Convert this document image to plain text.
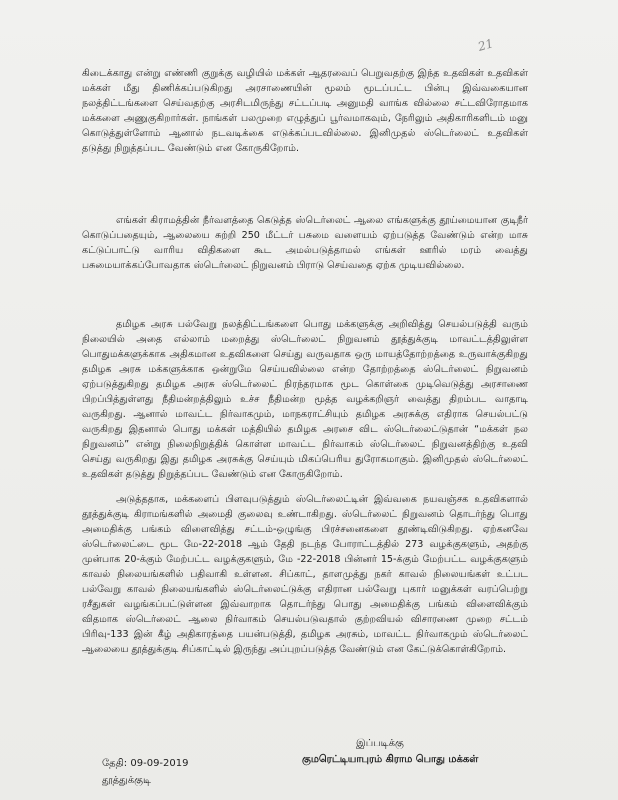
21

கிடைக்காது என்று எண்ணி குறுக்கு வழியில் மக்கள் ஆதரவைப் பெறுவதற்கு இந்த உதவிகள் உதவிகள் மக்கள் மீது திணிக்கப்படுகிறது அரசாணையின் மூலம் மூடப்பட்ட பின்பு இவ்வகையான நலத்திட்டங்களை செய்வதற்கு அரசிடமிருந்து சட்டப்படி அனுமதி வாங்க வில்லை சட்டவிரோதமாக மக்களை அணுகுகிறார்கள். நாங்கள் பலமுறை எழுத்துப் பூர்வமாகவும், நேரிலும் அதிகாரிகளிடம் மனு கொடுத்துள்ளோம் ஆனால் நடவடிக்கை எடுக்கப்படவில்லை. இனிமுதல் ஸ்டெர்லைட் உதவிகள் தடுத்து நிறுத்தப்பட வேண்டும் என கோருகிறோம்.

எங்கள் கிராமத்தின் நீர்வளத்தை கெடுத்த ஸ்டெர்லைட் ஆலை எங்களுக்கு தூய்மையான குடிநீர் கொடுப்பதையும், ஆலையை சுற்றி 250 மீட்டர் பசுமை வளையம் ஏற்படுத்த வேண்டும் என்ற மாசு கட்டுப்பாட்டு வாரிய விதிகளை கூட அமல்படுத்தாமல் எங்கள் ஊரில் மரம் வைத்து பசுமையாக்கப்போவதாக ஸ்டெர்லைட் நிறுவனம் பிராடு செய்வதை ஏற்க முடியவில்லை.

தமிழக அரசு பல்வேறு நலத்திட்டங்களை பொது மக்களுக்கு அறிவித்து செயல்படுத்தி வரும் நிலையில் அதை எல்லாம் மறைத்து ஸ்டெர்லைட் நிறுவனம் தூத்துக்குடி மாவட்டத்திலுள்ள பொதுமக்களுக்காக அதிகமான உதவிகளை செய்து வருவதாக ஒரு மாயத்தோற்றத்தை உருவாக்குகிறது தமிழக அரசு மக்களுக்காக ஒன்றுமே செய்யவில்லை என்ற தோற்றத்தை ஸ்டெர்லைட் நிறுவனம் ஏற்படுத்துகிறது தமிழக அரசு ஸ்டெர்லைட் நிரந்தரமாக மூட கொள்கை முடிவெடுத்து அரசாணை பிறப்பித்துள்ளது நீதிமன்றத்திலும் உச்ச நீதிமன்ற மூத்த வழக்கறிஞர் வைத்து திறம்பட வாதாடி வருகிறது. ஆனால் மாவட்ட நிர்வாகமும், மாநகராட்சியும் தமிழக அரசுக்கு எதிராக செயல்பட்டு வருகிறது இதனால் பொது மக்கள் மத்தியில் தமிழக அரசை விட ஸ்டெர்லைட்டுதான் “மக்கள் நல நிறுவனம்” என்று நிலைநிறுத்திக் கொள்ள மாவட்ட நிர்வாகம் ஸ்டெர்லைட் நிறுவனத்திற்கு உதவி செய்து வருகிறது இது தமிழக அரசுக்கு செய்யும் மிகப்பெரிய துரோகமாகும். இனிமுதல் ஸ்டெர்லைட் உதவிகள் தடுத்து நிறுத்தப்பட வேண்டும் என கோருகிறோம்.

அடுத்ததாக, மக்களைப் பிளவுபடுத்தும் ஸ்டெர்லைட்டின் இவ்வகை நயவஞ்சக உதவிகளால் தூத்துக்குடி கிராமங்களில் அமைதி குலைவு உண்டாகிறது. ஸ்டெர்லைட் நிறுவனம் தொடர்ந்து பொது அமைதிக்கு பங்கம் விளைவித்து சட்டம்-ஒழுங்கு பிரச்சனைகளை தூண்டிவிடுகிறது. ஏற்கனவே ஸ்டெர்லைட்டை மூட மே-22-2018 ஆம் தேதி நடந்த போராட்டத்தில் 273 வழக்குகளும், அதற்கு முன்பாக 20-க்கும் மேற்பட்ட வழக்குகளும், மே -22-2018 பின்னர் 15-க்கும் மேற்பட்ட வழக்குகளும் காவல் நிலையங்களில் பதிவாகி உள்ளன. சிப்காட், தாளமுத்து நகர் காவல் நிலையங்கள் உட்பட பல்வேறு காவல் நிலையங்களில் ஸ்டெர்லைட்டுக்கு எதிரான பல்வேறு புகார் மனுக்கள் வரப்பெற்று ரசீதுகள் வழங்கப்பட்டுள்ளன இவ்வாறாக தொடர்ந்து பொது அமைதிக்கு பங்கம் விளைவிக்கும் விதமாக ஸ்டெர்லைட் ஆலை நிர்வாகம் செயல்படுவதால் குற்றவியல் விசாரணை முறை சட்டம் பிரிவு-133 இன் கீழ் அதிகாரத்தை பயன்படுத்தி, தமிழக அரசும், மாவட்ட நிர்வாகமும் ஸ்டெர்லைட் ஆலையை தூத்துக்குடி சிப்காட்டில் இருந்து அப்புறப்படுத்த வேண்டும் என கேட்டுக்கொள்கிறோம்.

இப்படிக்கு
குமரெட்டியாபுரம் கிராம பொது மக்கள்
தேதி: 09-09-2019
தூத்துக்குடி
